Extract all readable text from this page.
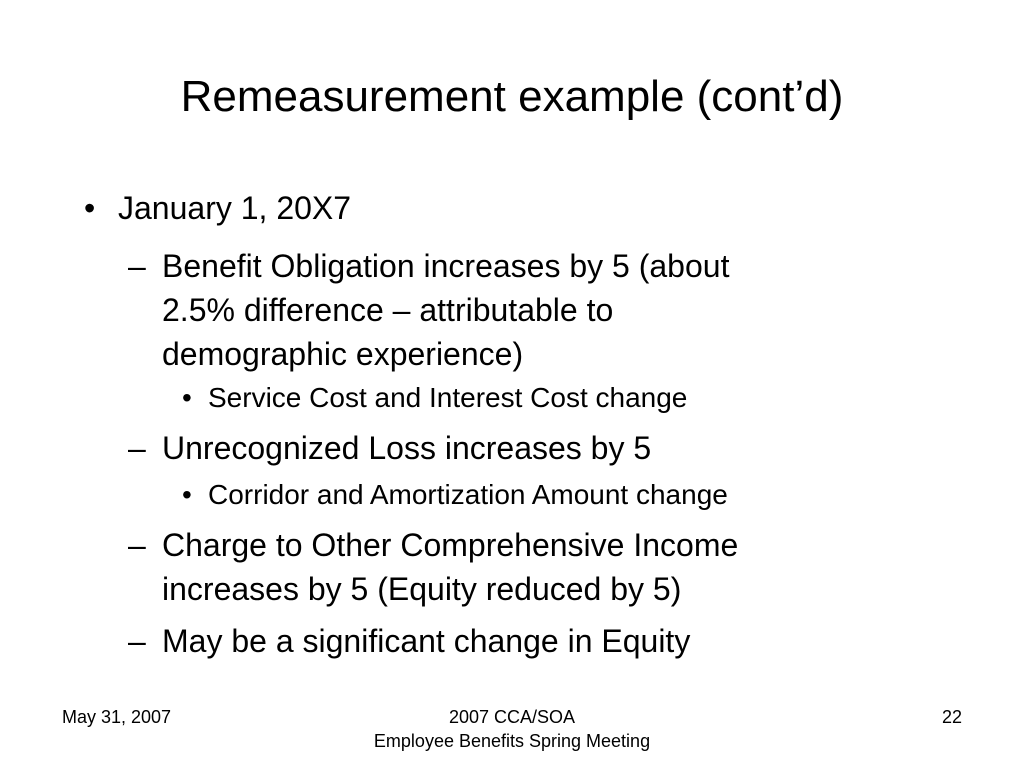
Remeasurement example (cont’d)
• January 1, 20X7
– Benefit Obligation increases by 5 (about
2.5% difference – attributable to
demographic experience)
• Service Cost and Interest Cost change
– Unrecognized Loss increases by 5
• Corridor and Amortization Amount change
– Charge to Other Comprehensive Income
increases by 5 (Equity reduced by 5)
– May be a significant change in Equity
May 31, 2007	2007 CCA/SOA
Employee Benefits Spring Meeting
22
